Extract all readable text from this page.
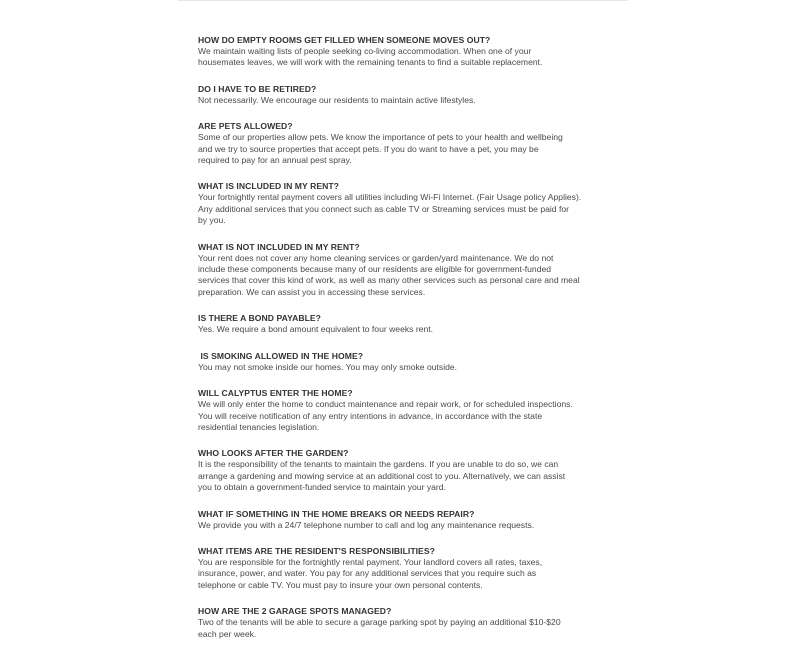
HOW DO EMPTY ROOMS GET FILLED WHEN SOMEONE MOVES OUT?

We maintain waiting lists of people seeking co-living accommodation. When one of your
housemates leaves, we will work with the remaining tenants to find a suitable replacement.

DO I HAVE TO BE RETIRED?

Not necessarily. We encourage our residents to maintain active lifestyles.

ARE PETS ALLOWED?

Some of our properties allow pets. We know the importance of pets to your health and wellbeing
and we try to source properties that accept pets. If you do want to have a pet, you may be
required to pay for an annual pest spray.

WHAT IS INCLUDED IN MY RENT?

Your fortnightly rental payment covers all utilities including Wi-Fi Internet. (Fair Usage policy Applies).
Any additional services that you connect such as cable TV or Streaming services must be paid for
by you.

WHAT IS NOT INCLUDED IN MY RENT?

Your rent does not cover any home cleaning services or garden/yard maintenance. We do not
include these components because many of our residents are eligible for government-funded
services that cover this kind of work, as well as many other services such as personal care and meal
preparation. We can assist you in accessing these services.

IS THERE A BOND PAYABLE?

Yes. We require a bond amount equivalent to four weeks rent.

IS SMOKING ALLOWED IN THE HOME?

You may not smoke inside our homes. You may only smoke outside.

WILL CALYPTUS ENTER THE HOME?

We will only enter the home to conduct maintenance and repair work, or for scheduled inspections.
You will receive notification of any entry intentions in advance, in accordance with the state
residential tenancies legislation.

WHO LOOKS AFTER THE GARDEN?

It is the responsibility of the tenants to maintain the gardens. If you are unable to do so, we can
arrange a gardening and mowing service at an additional cost to you. Alternatively, we can assist
you to obtain a government-funded service to maintain your yard.

WHAT IF SOMETHING IN THE HOME BREAKS OR NEEDS REPAIR?

We provide you with a 24/7 telephone number to call and log any maintenance requests.

WHAT ITEMS ARE THE RESIDENT'S RESPONSIBILITIES?

You are responsible for the fortnightly rental payment. Your landlord covers all rates, taxes,
insurance, power, and water. You pay for any additional services that you require such as
telephone or cable TV. You must pay to insure your own personal contents.

HOW ARE THE 2 GARAGE SPOTS MANAGED?

Two of the tenants will be able to secure a garage parking spot by paying an additional $10-$20
each per week.
